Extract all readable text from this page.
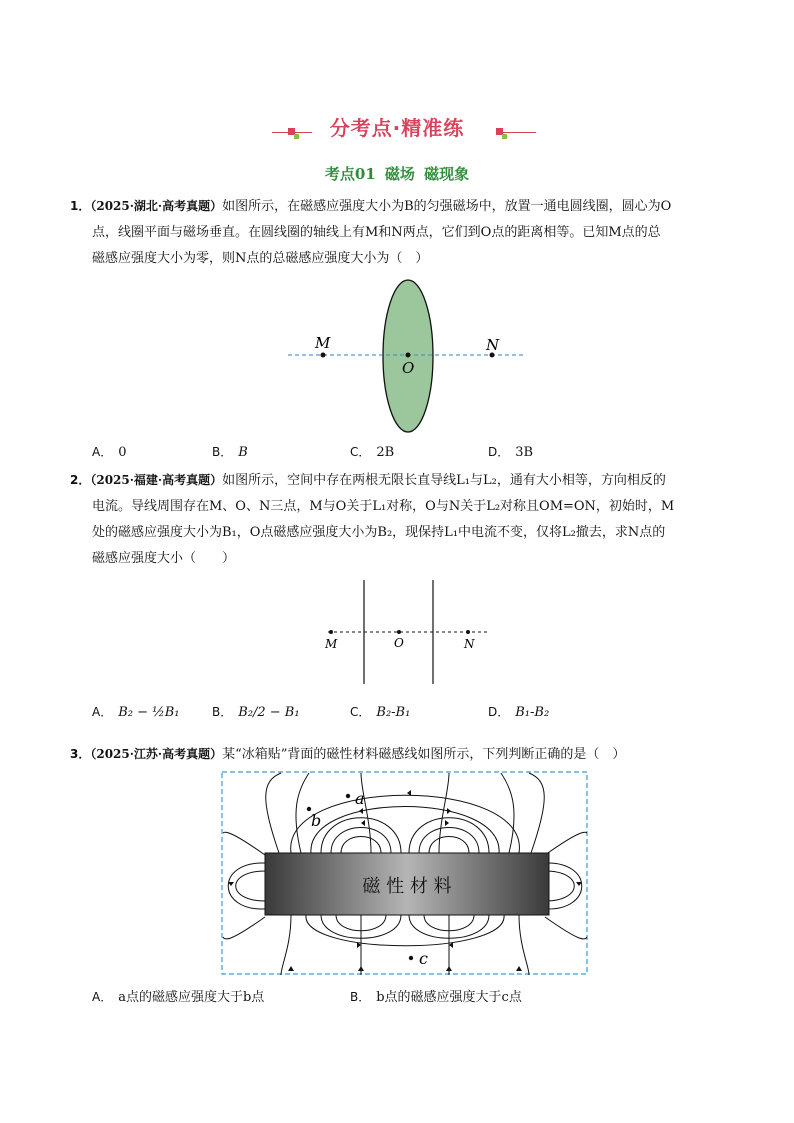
分考点·精准练
考点01 磁场 磁现象
1．（2025·湖北·高考真题）如图所示，在磁感应强度大小为B的匀强磁场中，放置一通电圆线圈，圆心为O
点，线圈平面与磁场垂直。在圆线圈的轴线上有M和N两点，它们到O点的距离相等。已知M点的总
磁感应强度大小为零，则N点的总磁感应强度大小为（　）
M
O
N
A． 0	B． B	C． 2B	D． 3B
2．（2025·福建·高考真题）如图所示，空间中存在两根无限长直导线L₁与L₂，通有大小相等，方向相反的
电流。导线周围存在M、O、N三点，M与O关于L₁对称，O与N关于L₂对称且OM=ON，初始时，M
处的磁感应强度大小为B₁，O点磁感应强度大小为B₂，现保持L₁中电流不变，仅将L₂撤去，求N点的
磁感应强度大小（　　）
M	O	N
A． B₂ − ½B₁	B． B₂/2 − B₁	C． B₂-B₁	D． B₁-B₂
3．（2025·江苏·高考真题）某“冰箱贴”背面的磁性材料磁感线如图所示，下列判断正确的是（　）
磁 性 材 料
a
b
c
A． a点的磁感应强度大于b点	B． b点的磁感应强度大于c点
